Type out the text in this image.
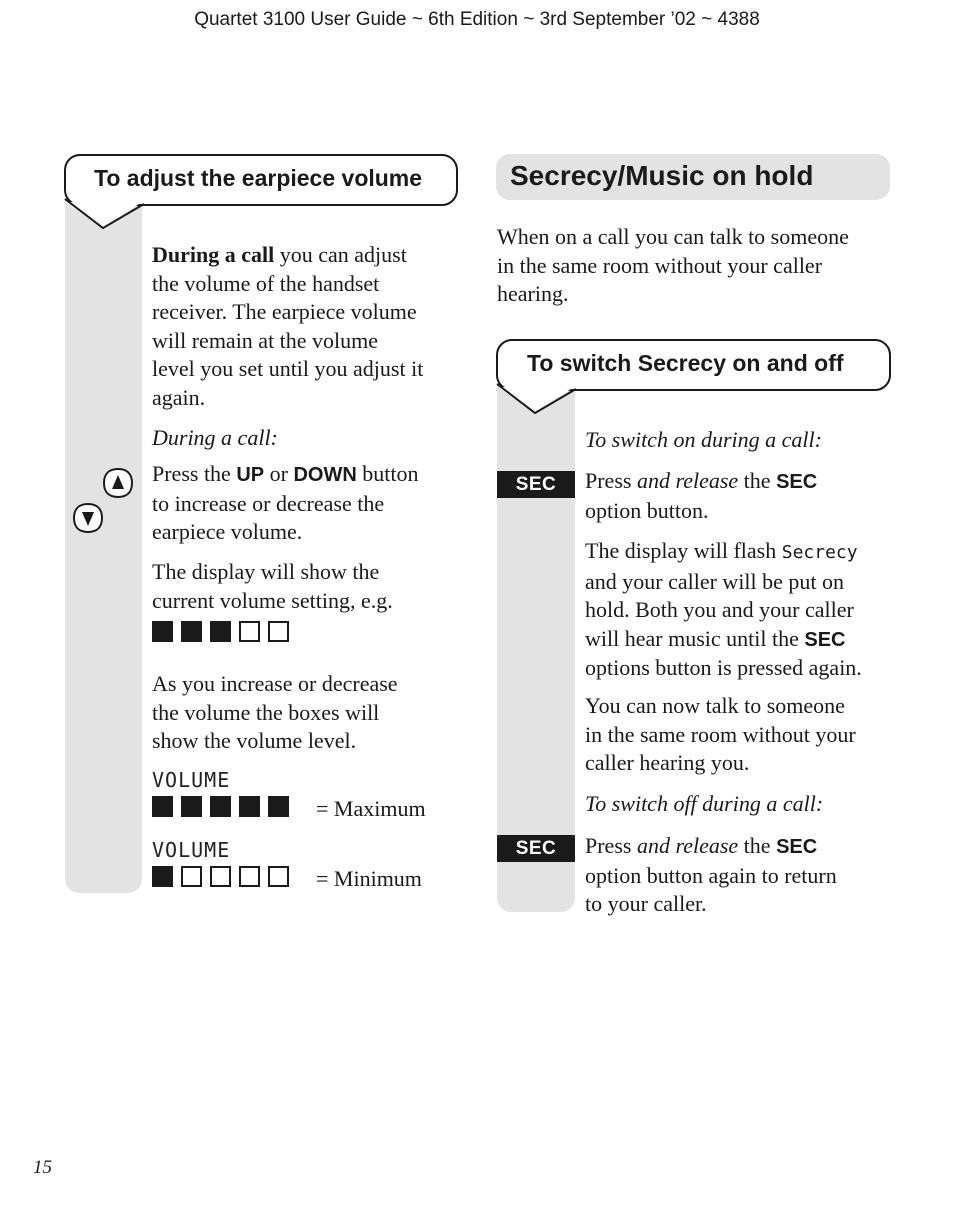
Quartet 3100 User Guide ~ 6th Edition ~ 3rd September ’02 ~ 4388
To adjust the earpiece volume
During a call you can adjust
the volume of the handset
receiver. The earpiece volume
will remain at the volume
level you set until you adjust it
again.
During a call:
Press the UP or DOWN button
to increase or decrease the
earpiece volume.
The display will show the
current volume setting, e.g.
As you increase or decrease
the volume the boxes will
show the volume level.
VOLUME
= Maximum
VOLUME
= Minimum
Secrecy/Music on hold
When on a call you can talk to someone
in the same room without your caller
hearing.
To switch Secrecy on and off
To switch on during a call:
SEC	Press and release the SEC
option button.
The display will flash Secrecy
and your caller will be put on
hold. Both you and your caller
will hear music until the SEC
options button is pressed again.
You can now talk to someone
in the same room without your
caller hearing you.
To switch off during a call:
SEC	Press and release the SEC
option button again to return
to your caller.
15
